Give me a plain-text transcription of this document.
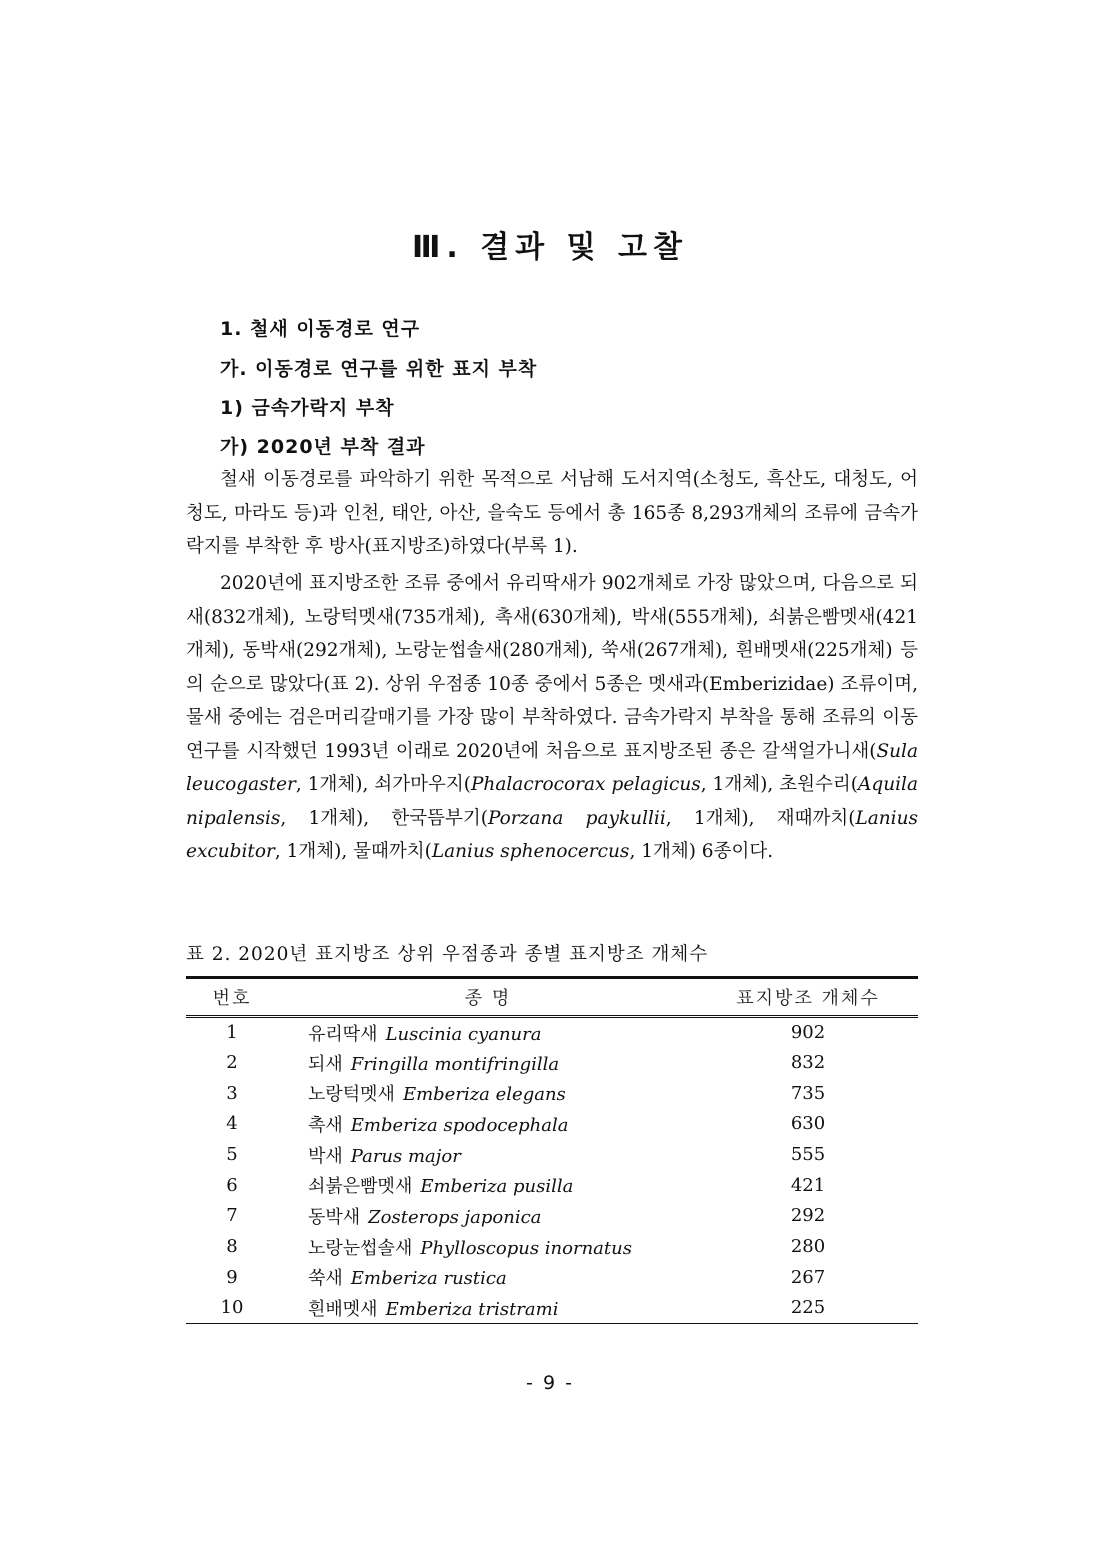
Ⅲ. 결과 및 고찰
1. 철새 이동경로 연구
가. 이동경로 연구를 위한 표지 부착
1) 금속가락지 부착
가) 2020년 부착 결과

철새 이동경로를 파악하기 위한 목적으로 서남해 도서지역(소청도, 흑산도, 대청도, 어청도, 마라도 등)과 인천, 태안, 아산, 을숙도 등에서 총 165종 8,293개체의 조류에 금속가락지를 부착한 후 방사(표지방조)하였다(부록 1).

2020년에 표지방조한 조류 중에서 유리딱새가 902개체로 가장 많았으며, 다음으로 되새(832개체), 노랑턱멧새(735개체), 촉새(630개체), 박새(555개체), 쇠붉은빰멧새(421개체), 동박새(292개체), 노랑눈썹솔새(280개체), 쑥새(267개체), 흰배멧새(225개체) 등의 순으로 많았다(표 2). 상위 우점종 10종 중에서 5종은 멧새과(Emberizidae) 조류이며, 물새 중에는 검은머리갈매기를 가장 많이 부착하였다. 금속가락지 부착을 통해 조류의 이동연구를 시작했던 1993년 이래로 2020년에 처음으로 표지방조된 종은 갈색얼가니새(Sula leucogaster, 1개체), 쇠가마우지(Phalacrocorax pelagicus, 1개체), 초원수리(Aquila nipalensis, 1개체), 한국뜸부기(Porzana paykullii, 1개체), 재때까치(Lanius excubitor, 1개체), 물때까치(Lanius sphenocercus, 1개체) 6종이다.

표 2. 2020년 표지방조 상위 우점종과 종별 표지방조 개체수
번호	종 명	표지방조 개체수
1	유리딱새 Luscinia cyanura	902
2	되새 Fringilla montifringilla	832
3	노랑턱멧새 Emberiza elegans	735
4	촉새 Emberiza spodocephala	630
5	박새 Parus major	555
6	쇠붉은빰멧새 Emberiza pusilla	421
7	동박새 Zosterops japonica	292
8	노랑눈썹솔새 Phylloscopus inornatus	280
9	쑥새 Emberiza rustica	267
10	흰배멧새 Emberiza tristrami	225
- 9 -
